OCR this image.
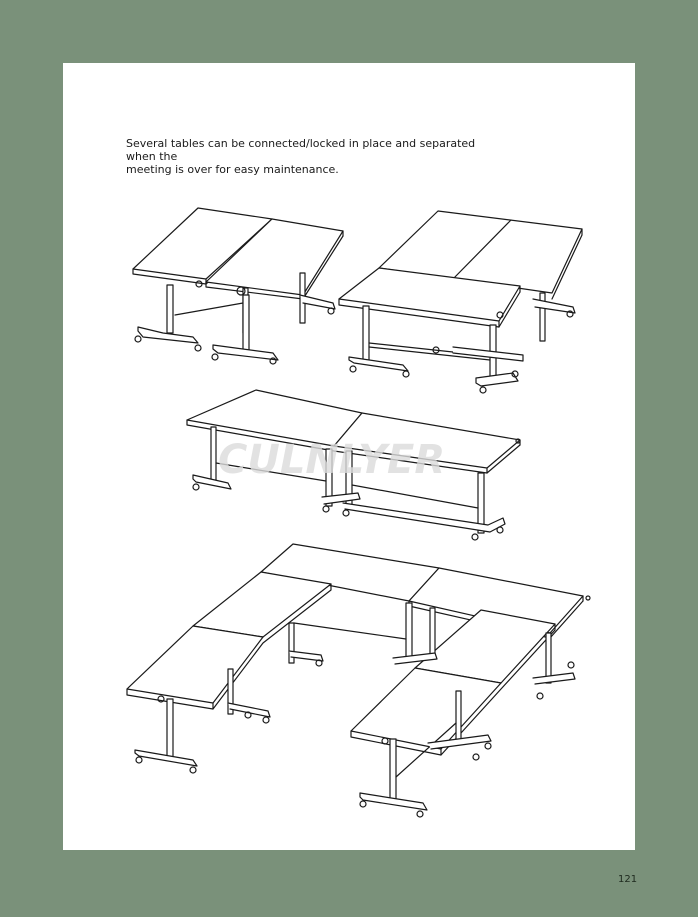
Several tables can be connected/locked in place and separated when the
meeting is over for easy maintenance.
CULNLYER
121
